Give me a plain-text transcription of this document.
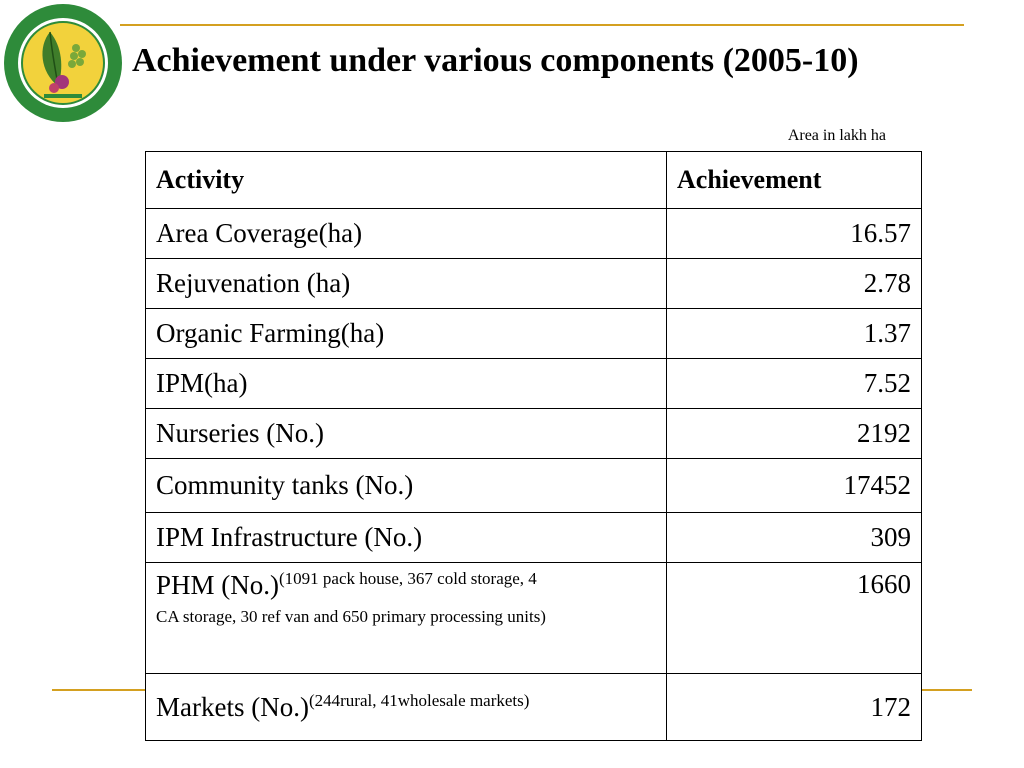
Achievement under various components (2005-10)
Area in lakh ha
Activity	Achievement
Area Coverage(ha)	16.57
Rejuvenation (ha)	2.78
Organic Farming(ha)	1.37
IPM(ha)	7.52
Nurseries (No.)	2192
Community tanks (No.)	17452
IPM Infrastructure (No.)	309
PHM (No.)$^{(1091 pack house, 367 cold storage, 4}$
CA storage, 30 ref van and 650 primary processing units)	1660
Markets (No.)$^{(244rural, 41wholesale markets)}$	172
